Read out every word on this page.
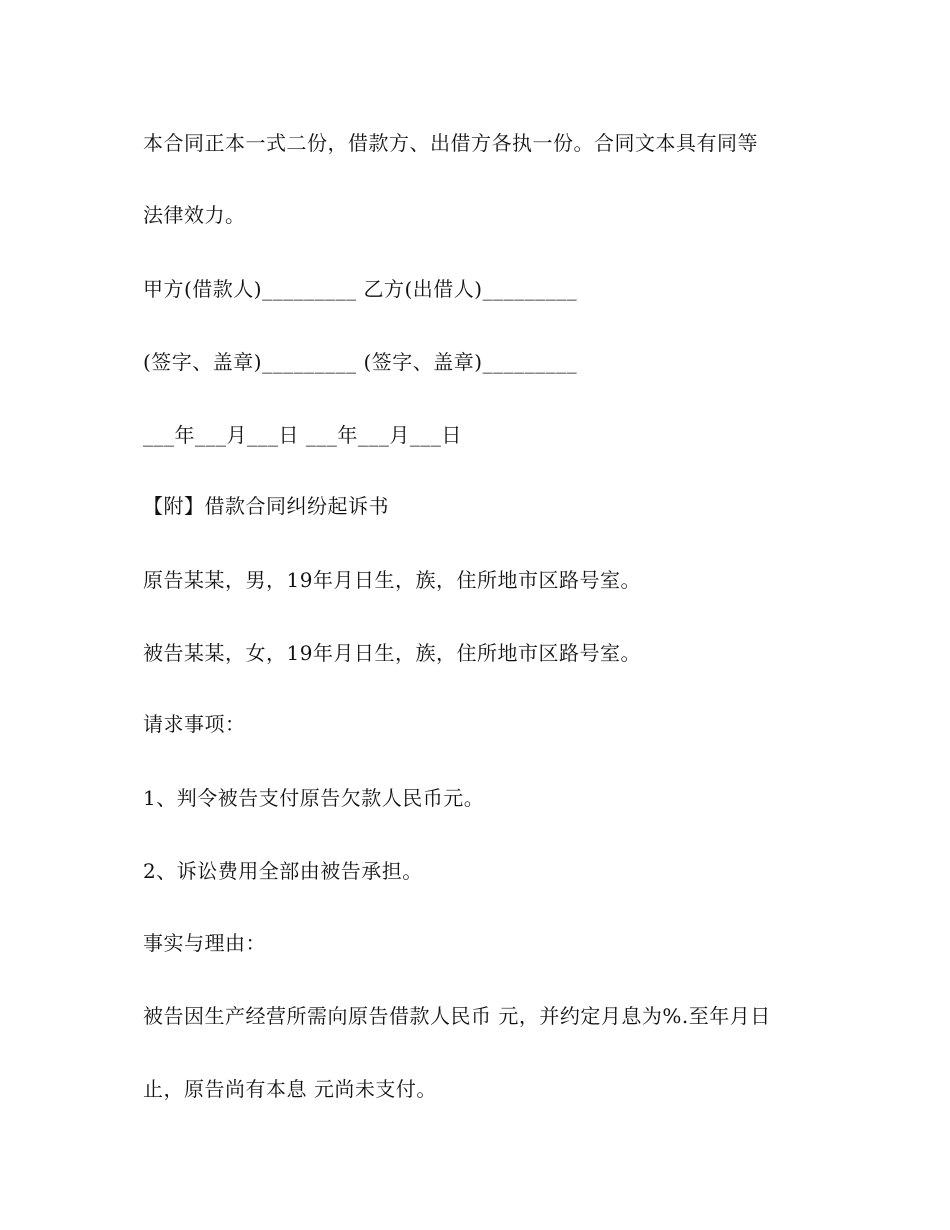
本合同正本一式二份，借款方、出借方各执一份。合同文本具有同等
法律效力。
甲方(借款人)_________ 乙方(出借人)_________
(签字、盖章)_________ (签字、盖章)_________
___年___月___日 ___年___月___日
【附】借款合同纠纷起诉书
原告某某，男，19年月日生，族，住所地市区路号室。
被告某某，女，19年月日生，族，住所地市区路号室。
请求事项：
1、判令被告支付原告欠款人民币元。
2、诉讼费用全部由被告承担。
事实与理由：
被告因生产经营所需向原告借款人民币 元，并约定月息为%.至年月日
止，原告尚有本息 元尚未支付。
